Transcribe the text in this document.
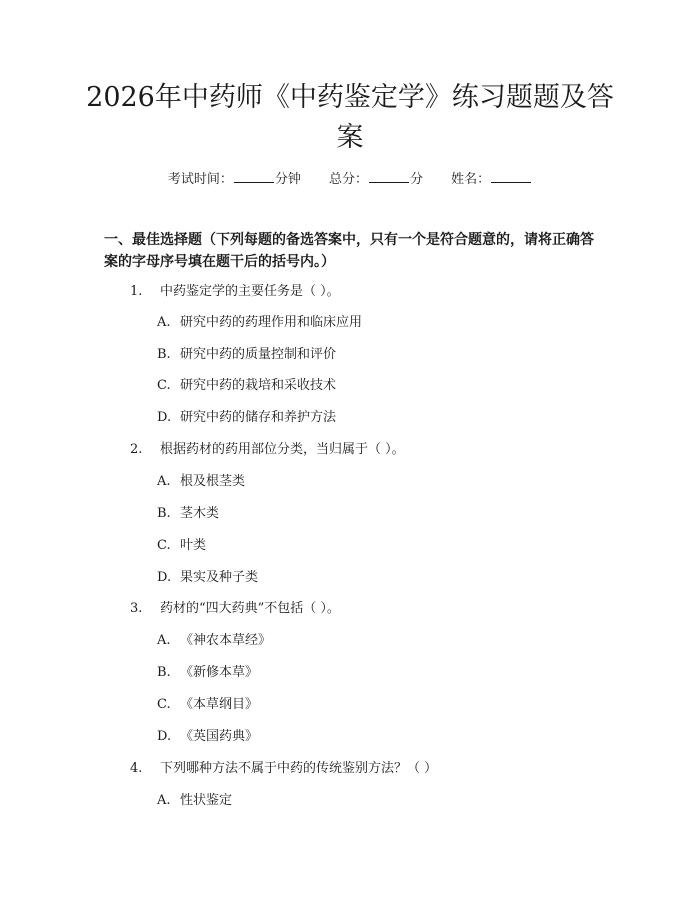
2026年中药师《中药鉴定学》练习题题及答案
考试时间：	分钟 总分：	分 姓名：
一、最佳选择题（下列每题的备选答案中，只有一个是符合题意的，请将正确答案的字母序号填在题干后的括号内。）
1. 中药鉴定学的主要任务是（ ）。
A. 研究中药的药理作用和临床应用
B. 研究中药的质量控制和评价
C. 研究中药的栽培和采收技术
D. 研究中药的储存和养护方法
2. 根据药材的药用部位分类，当归属于（ ）。
A. 根及根茎类
B. 茎木类
C. 叶类
D. 果实及种子类
3. 药材的“四大药典”不包括（ ）。
A. 《神农本草经》
B. 《新修本草》
C. 《本草纲目》
D. 《英国药典》
4. 下列哪种方法不属于中药的传统鉴别方法？（ ）
A. 性状鉴定
